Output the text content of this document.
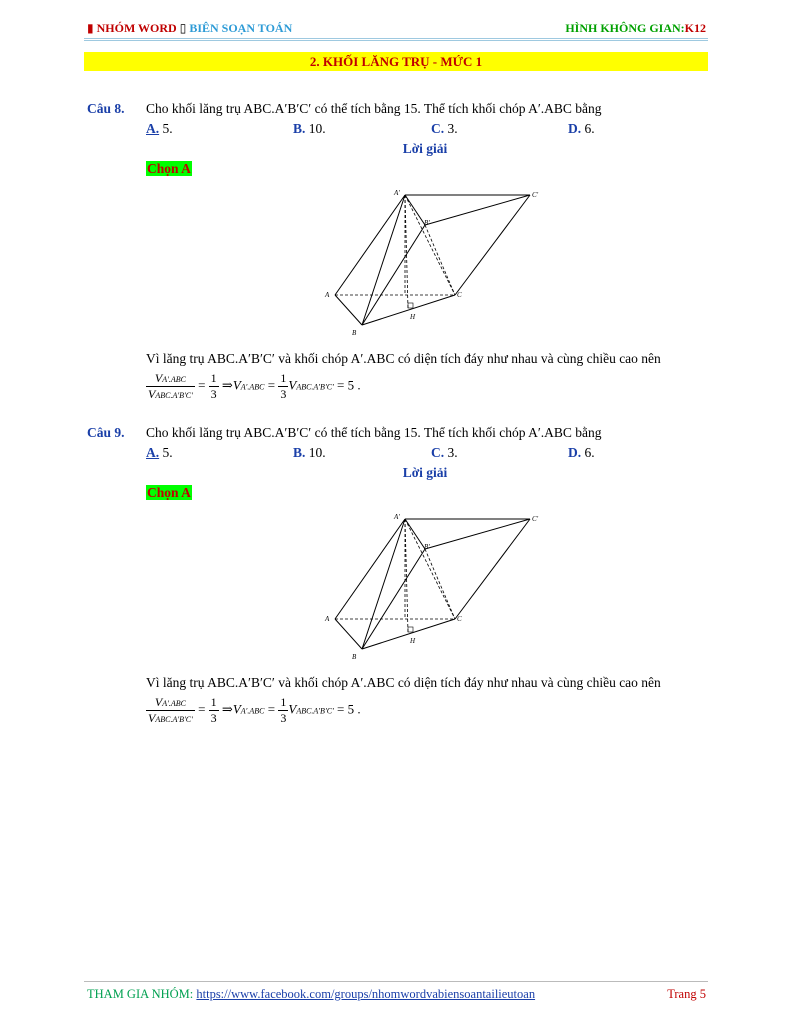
▮ NHÓM WORD ▯ BIÊN SOẠN TOÁN	HÌNH KHÔNG GIAN:K12
2. KHỐI LĂNG TRỤ - MỨC 1
Câu 8. Cho khối lăng trụ ABC.A′B′C′ có thể tích bằng 15. Thể tích khối chóp A′.ABC bằng
A. 5.	B. 10.	C. 3.	D. 6.
Lời giải
Chọn A
A'
B'
C'
A
B
C
H
Vì lăng trụ ABC.A′B′C′ và khối chóp A′.ABC có diện tích đáy như nhau và cùng chiều cao nên
$\frac{\text{VA′.ABC}}{\text{VABC.A′B′C′}} = \frac{1}{3}$ ⇒VA′.ABC = $\frac{1}{3}$ VABC.A′B′C′ = 5 .
Câu 9. Cho khối lăng trụ ABC.A′B′C′ có thể tích bằng 15. Thể tích khối chóp A′.ABC bằng
A. 5.	B. 10.	C. 3.	D. 6.
Lời giải
Chọn A
A'
B'
C'
A
B
C
H
Vì lăng trụ ABC.A′B′C′ và khối chóp A′.ABC có diện tích đáy như nhau và cùng chiều cao nên
$\frac{\text{VA′.ABC}}{\text{VABC.A′B′C′}} = \frac{1}{3}$ ⇒VA′.ABC = $\frac{1}{3}$ VABC.A′B′C′ = 5 .
THAM GIA NHÓM: https://www.facebook.com/groups/nhomwordvabiensoantailieutoan	Trang 5
